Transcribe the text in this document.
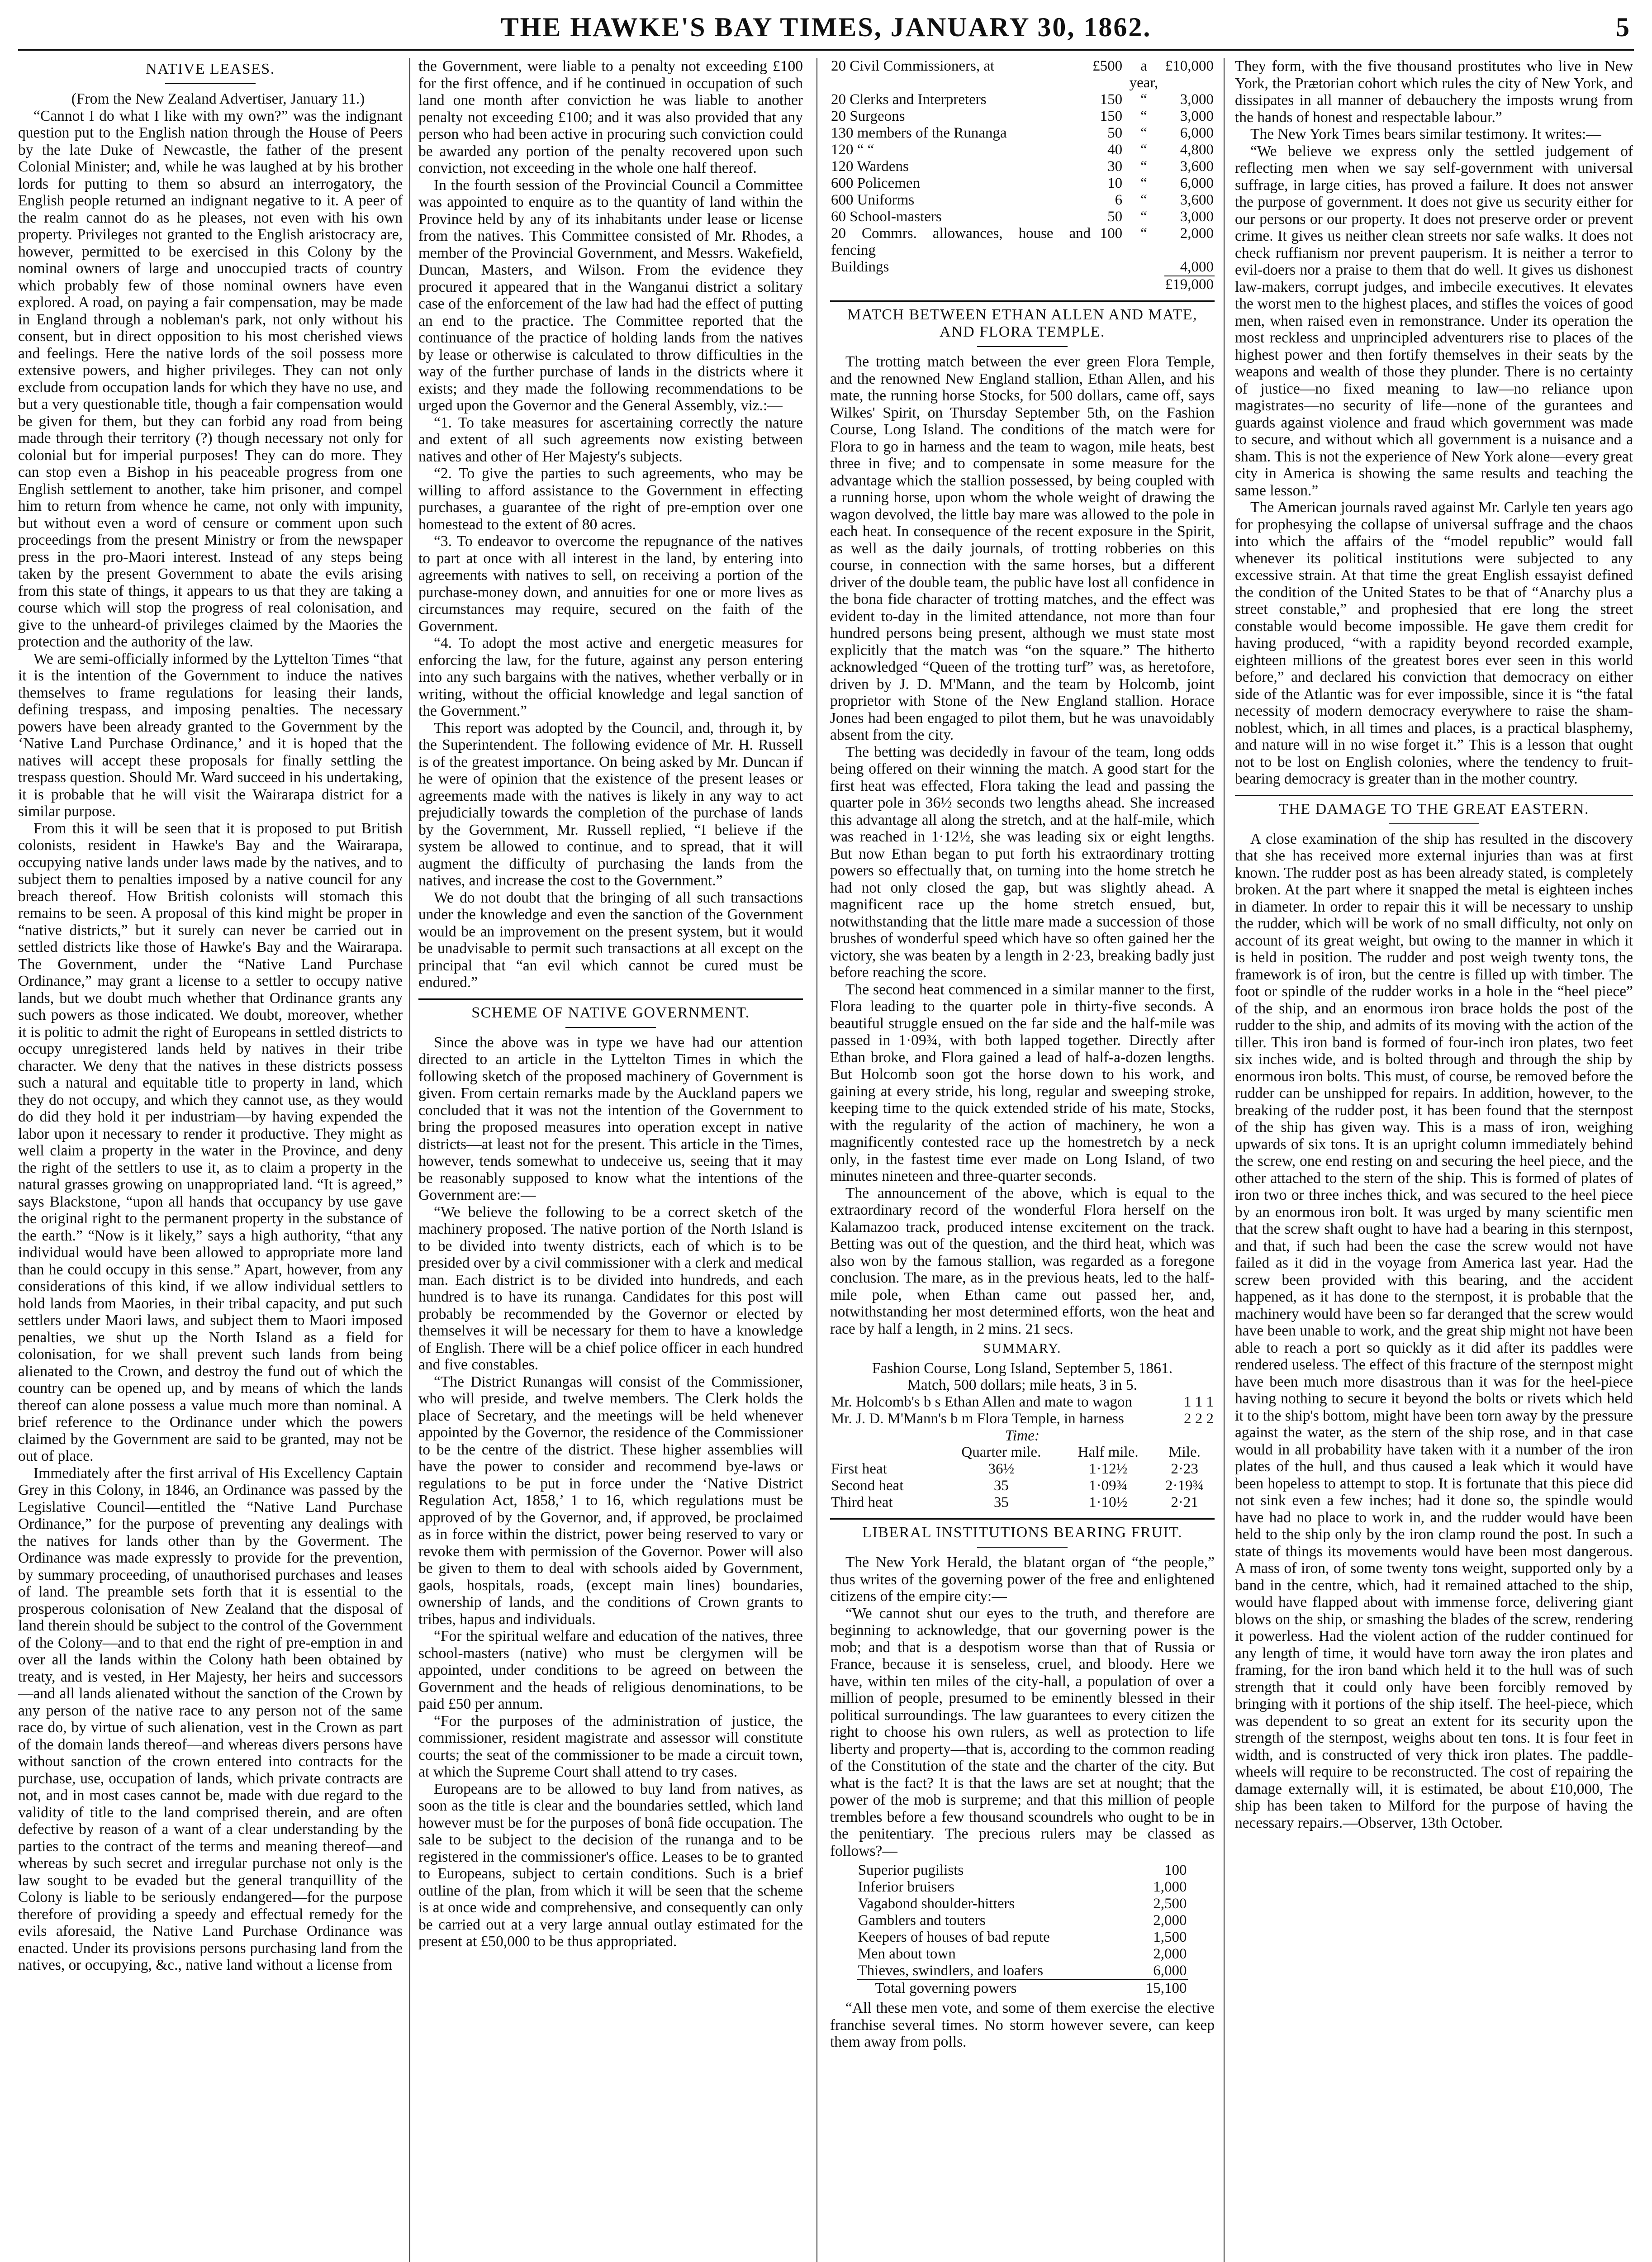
THE HAWKE'S BAY TIMES, JANUARY 30, 1862.	5
NATIVE LEASES.

(From the New Zealand Advertiser, January 11.)

“Cannot I do what I like with my own?” was the indignant question put to the English nation through the House of Peers by the late Duke of Newcastle, the father of the present Colonial Minister; and, while he was laughed at by his brother lords for putting to them so absurd an interrogatory, the English people returned an indignant negative to it. A peer of the realm cannot do as he pleases, not even with his own property. Privileges not granted to the English aristocracy are, however, permitted to be exercised in this Colony by the nominal owners of large and unoccupied tracts of country which probably few of those nominal owners have even explored. A road, on paying a fair compensation, may be made in England through a nobleman's park, not only without his consent, but in direct opposition to his most cherished views and feelings. Here the native lords of the soil possess more extensive powers, and higher privileges. They can not only exclude from occupation lands for which they have no use, and but a very questionable title, though a fair compensation would be given for them, but they can forbid any road from being made through their territory (?) though necessary not only for colonial but for imperial purposes! They can do more. They can stop even a Bishop in his peaceable progress from one English settlement to another, take him prisoner, and compel him to return from whence he came, not only with impunity, but without even a word of censure or comment upon such proceedings from the present Ministry or from the newspaper press in the pro-Maori interest. Instead of any steps being taken by the present Government to abate the evils arising from this state of things, it appears to us that they are taking a course which will stop the progress of real colonisation, and give to the unheard-of privileges claimed by the Maories the protection and the authority of the law.

We are semi-officially informed by the Lyttelton Times “that it is the intention of the Government to induce the natives themselves to frame regulations for leasing their lands, defining trespass, and imposing penalties. The necessary powers have been already granted to the Government by the ‘Native Land Purchase Ordinance,’ and it is hoped that the natives will accept these proposals for finally settling the trespass question. Should Mr. Ward succeed in his undertaking, it is probable that he will visit the Wairarapa district for a similar purpose.

From this it will be seen that it is proposed to put British colonists, resident in Hawke's Bay and the Wairarapa, occupying native lands under laws made by the natives, and to subject them to penalties imposed by a native council for any breach thereof. How British colonists will stomach this remains to be seen. A proposal of this kind might be proper in “native districts,” but it surely can never be carried out in settled districts like those of Hawke's Bay and the Wairarapa. The Government, under the “Native Land Purchase Ordinance,” may grant a license to a settler to occupy native lands, but we doubt much whether that Ordinance grants any such powers as those indicated. We doubt, moreover, whether it is politic to admit the right of Europeans in settled districts to occupy unregistered lands held by natives in their tribe character. We deny that the natives in these districts possess such a natural and equitable title to property in land, which they do not occupy, and which they cannot use, as they would do did they hold it per industriam—by having expended the labor upon it necessary to render it productive. They might as well claim a property in the water in the Province, and deny the right of the settlers to use it, as to claim a property in the natural grasses growing on unappropriated land. “It is agreed,” says Blackstone, “upon all hands that occupancy by use gave the original right to the permanent property in the substance of the earth.” “Now is it likely,” says a high authority, “that any individual would have been allowed to appropriate more land than he could occupy in this sense.” Apart, however, from any considerations of this kind, if we allow individual settlers to hold lands from Maories, in their tribal capacity, and put such settlers under Maori laws, and subject them to Maori imposed penalties, we shut up the North Island as a field for colonisation, for we shall prevent such lands from being alienated to the Crown, and destroy the fund out of which the country can be opened up, and by means of which the lands thereof can alone possess a value much more than nominal. A brief reference to the Ordinance under which the powers claimed by the Government are said to be granted, may not be out of place.

Immediately after the first arrival of His Excellency Captain Grey in this Colony, in 1846, an Ordinance was passed by the Legislative Council—entitled the “Native Land Purchase Ordinance,” for the purpose of preventing any dealings with the natives for lands other than by the Goverment. The Ordinance was made expressly to provide for the prevention, by summary proceeding, of unauthorised purchases and leases of land. The preamble sets forth that it is essential to the prosperous colonisation of New Zealand that the disposal of land therein should be subject to the control of the Government of the Colony—and to that end the right of pre-emption in and over all the lands within the Colony hath been obtained by treaty, and is vested, in Her Majesty, her heirs and successors—and all lands alienated without the sanction of the Crown by any person of the native race to any person not of the same race do, by virtue of such alienation, vest in the Crown as part of the domain lands thereof—and whereas divers persons have without sanction of the crown entered into contracts for the purchase, use, occupation of lands, which private contracts are not, and in most cases cannot be, made with due regard to the validity of title to the land comprised therein, and are often defective by reason of a want of a clear understanding by the parties to the contract of the terms and meaning thereof—and whereas by such secret and irregular purchase not only is the law sought to be evaded but the general tranquillity of the Colony is liable to be seriously endangered—for the purpose therefore of providing a speedy and effectual remedy for the evils aforesaid, the Native Land Purchase Ordinance was enacted. Under its provisions persons purchasing land from the natives, or occupying, &c., native land without a license from

the Government, were liable to a penalty not exceeding £100 for the first offence, and if he continued in occupation of such land one month after conviction he was liable to another penalty not exceeding £100; and it was also provided that any person who had been active in procuring such conviction could be awarded any portion of the penalty recovered upon such conviction, not exceeding in the whole one half thereof.

In the fourth session of the Provincial Council a Committee was appointed to enquire as to the quantity of land within the Province held by any of its inhabitants under lease or license from the natives. This Committee consisted of Mr. Rhodes, a member of the Provincial Government, and Messrs. Wakefield, Duncan, Masters, and Wilson. From the evidence they procured it appeared that in the Wanganui district a solitary case of the enforcement of the law had had the effect of putting an end to the practice. The Committee reported that the continuance of the practice of holding lands from the natives by lease or otherwise is calculated to throw difficulties in the way of the further purchase of lands in the districts where it exists; and they made the following recommendations to be urged upon the Governor and the General Assembly, viz.:—

“1. To take measures for ascertaining correctly the nature and extent of all such agreements now existing between natives and other of Her Majesty's subjects.

“2. To give the parties to such agreements, who may be willing to afford assistance to the Government in effecting purchases, a guarantee of the right of pre-emption over one homestead to the extent of 80 acres.

“3. To endeavor to overcome the repugnance of the natives to part at once with all interest in the land, by entering into agreements with natives to sell, on receiving a portion of the purchase-money down, and annuities for one or more lives as circumstances may require, secured on the faith of the Government.

“4. To adopt the most active and energetic measures for enforcing the law, for the future, against any person entering into any such bargains with the natives, whether verbally or in writing, without the official knowledge and legal sanction of the Government.”

This report was adopted by the Council, and, through it, by the Superintendent. The following evidence of Mr. H. Russell is of the greatest importance. On being asked by Mr. Duncan if he were of opinion that the existence of the present leases or agreements made with the natives is likely in any way to act prejudicially towards the completion of the purchase of lands by the Government, Mr. Russell replied, “I believe if the system be allowed to continue, and to spread, that it will augment the difficulty of purchasing the lands from the natives, and increase the cost to the Government.”

We do not doubt that the bringing of all such transactions under the knowledge and even the sanction of the Government would be an improvement on the present system, but it would be unadvisable to permit such transactions at all except on the principal that “an evil which cannot be cured must be endured.”

SCHEME OF NATIVE GOVERNMENT.

Since the above was in type we have had our attention directed to an article in the Lyttelton Times in which the following sketch of the proposed machinery of Government is given. From certain remarks made by the Auckland papers we concluded that it was not the intention of the Government to bring the proposed measures into operation except in native districts—at least not for the present. This article in the Times, however, tends somewhat to undeceive us, seeing that it may be reasonably supposed to know what the intentions of the Government are:—

“We believe the following to be a correct sketch of the machinery proposed. The native portion of the North Island is to be divided into twenty districts, each of which is to be presided over by a civil commissioner with a clerk and medical man. Each district is to be divided into hundreds, and each hundred is to have its runanga. Candidates for this post will probably be recommended by the Governor or elected by themselves it will be necessary for them to have a knowledge of English. There will be a chief police officer in each hundred and five constables.

“The District Runangas will consist of the Commissioner, who will preside, and twelve members. The Clerk holds the place of Secretary, and the meetings will be held whenever appointed by the Governor, the residence of the Commissioner to be the centre of the district. These higher assemblies will have the power to consider and recommend bye-laws or regulations to be put in force under the ‘Native District Regulation Act, 1858,’ 1 to 16, which regulations must be approved of by the Governor, and, if approved, be proclaimed as in force within the district, power being reserved to vary or revoke them with permission of the Governor. Power will also be given to them to deal with schools aided by Government, gaols, hospitals, roads, (except main lines) boundaries, ownership of lands, and the conditions of Crown grants to tribes, hapus and individuals.

“For the spiritual welfare and education of the natives, three school-masters (native) who must be clergymen will be appointed, under conditions to be agreed on between the Government and the heads of religious denominations, to be paid £50 per annum.

“For the purposes of the administration of justice, the commissioner, resident magistrate and assessor will constitute courts; the seat of the commissioner to be made a circuit town, at which the Supreme Court shall attend to try cases.

Europeans are to be allowed to buy land from natives, as soon as the title is clear and the boundaries settled, which land however must be for the purposes of bonâ fide occupation. The sale to be subject to the decision of the runanga and to be registered in the commissioner's office. Leases to be to granted to Europeans, subject to certain conditions. Such is a brief outline of the plan, from which it will be seen that the scheme is at once wide and comprehensive, and consequently can only be carried out at a very large annual outlay estimated for the present at £50,000 to be thus appropriated.

20 Civil Commissioners, at	£500	a year,	£10,000
20 Clerks and Interpreters	150	“	3,000
20 Surgeons	150	“	3,000
130 members of the Runanga	50	“	6,000
120 “ “	40	“	4,800
120 Wardens	30	“	3,600
600 Policemen	10	“	6,000
600 Uniforms	6	“	3,600
60 School-masters	50	“	3,000
20 Commrs. allowances, house and fencing	100	“	2,000
Buildings			4,000
			£19,000
MATCH BETWEEN ETHAN ALLEN AND MATE, AND FLORA TEMPLE.

The trotting match between the ever green Flora Temple, and the renowned New England stallion, Ethan Allen, and his mate, the running horse Stocks, for 500 dollars, came off, says Wilkes' Spirit, on Thursday September 5th, on the Fashion Course, Long Island. The conditions of the match were for Flora to go in harness and the team to wagon, mile heats, best three in five; and to compensate in some measure for the advantage which the stallion possessed, by being coupled with a running horse, upon whom the whole weight of drawing the wagon devolved, the little bay mare was allowed to the pole in each heat. In consequence of the recent exposure in the Spirit, as well as the daily journals, of trotting robberies on this course, in connection with the same horses, but a different driver of the double team, the public have lost all confidence in the bona fide character of trotting matches, and the effect was evident to-day in the limited attendance, not more than four hundred persons being present, although we must state most explicitly that the match was “on the square.” The hitherto acknowledged “Queen of the trotting turf” was, as heretofore, driven by J. D. M'Mann, and the team by Holcomb, joint proprietor with Stone of the New England stallion. Horace Jones had been engaged to pilot them, but he was unavoidably absent from the city.

The betting was decidedly in favour of the team, long odds being offered on their winning the match. A good start for the first heat was effected, Flora taking the lead and passing the quarter pole in 36½ seconds two lengths ahead. She increased this advantage all along the stretch, and at the half-mile, which was reached in 1·12½, she was leading six or eight lengths. But now Ethan began to put forth his extraordinary trotting powers so effectually that, on turning into the home stretch he had not only closed the gap, but was slightly ahead. A magnificent race up the home stretch ensued, but, notwithstanding that the little mare made a succession of those brushes of wonderful speed which have so often gained her the victory, she was beaten by a length in 2·23, breaking badly just before reaching the score.

The second heat commenced in a similar manner to the first, Flora leading to the quarter pole in thirty-five seconds. A beautiful struggle ensued on the far side and the half-mile was passed in 1·09¾, with both lapped together. Directly after Ethan broke, and Flora gained a lead of half-a-dozen lengths. But Holcomb soon got the horse down to his work, and gaining at every stride, his long, regular and sweeping stroke, keeping time to the quick extended stride of his mate, Stocks, with the regularity of the action of machinery, he won a magnificently contested race up the homestretch by a neck only, in the fastest time ever made on Long Island, of two minutes nineteen and three-quarter seconds.

The announcement of the above, which is equal to the extraordinary record of the wonderful Flora herself on the Kalamazoo track, produced intense excitement on the track. Betting was out of the question, and the third heat, which was also won by the famous stallion, was regarded as a foregone conclusion. The mare, as in the previous heats, led to the half-mile pole, when Ethan came out passed her, and, notwithstanding her most determined efforts, won the heat and race by half a length, in 2 mins. 21 secs.

SUMMARY.

Fashion Course, Long Island, September 5, 1861.

Match, 500 dollars; mile heats, 3 in 5.

Mr. Holcomb's b s Ethan Allen and mate to wagon	1 1 1
Mr. J. D. M'Mann's b m Flora Temple, in harness	2 2 2
Time:
	Quarter mile.	Half mile.	Mile.
First heat	36½	1·12½	2·23
Second heat	35	1·09¾	2·19¾
Third heat	35	1·10½	2·21
LIBERAL INSTITUTIONS BEARING FRUIT.

The New York Herald, the blatant organ of “the people,” thus writes of the governing power of the free and enlightened citizens of the empire city:—

“We cannot shut our eyes to the truth, and therefore are beginning to acknowledge, that our governing power is the mob; and that is a despotism worse than that of Russia or France, because it is senseless, cruel, and bloody. Here we have, within ten miles of the city-hall, a population of over a million of people, presumed to be eminently blessed in their political surroundings. The law guarantees to every citizen the right to choose his own rulers, as well as protection to life liberty and property—that is, according to the common reading of the Constitution of the state and the charter of the city. But what is the fact? It is that the laws are set at nought; that the power of the mob is surpreme; and that this million of people trembles before a few thousand scoundrels who ought to be in the penitentiary. The precious rulers may be classed as follows?—

Superior pugilists	100
Inferior bruisers	1,000
Vagabond shoulder-hitters	2,500
Gamblers and touters	2,000
Keepers of houses of bad repute	1,500
Men about town	2,000
Thieves, swindlers, and loafers	6,000
Total governing powers	15,100

“All these men vote, and some of them exercise the elective franchise several times. No storm however severe, can keep them away from polls.

They form, with the five thousand prostitutes who live in New York, the Prætorian cohort which rules the city of New York, and dissipates in all manner of debauchery the imposts wrung from the hands of honest and respectable labour.”

The New York Times bears similar testimony. It writes:—

“We believe we express only the settled judgement of reflecting men when we say self-government with universal suffrage, in large cities, has proved a failure. It does not answer the purpose of government. It does not give us security either for our persons or our property. It does not preserve order or prevent crime. It gives us neither clean streets nor safe walks. It does not check ruffianism nor prevent pauperism. It is neither a terror to evil-doers nor a praise to them that do well. It gives us dishonest law-makers, corrupt judges, and imbecile executives. It elevates the worst men to the highest places, and stifles the voices of good men, when raised even in remonstrance. Under its operation the most reckless and unprincipled adventurers rise to places of the highest power and then fortify themselves in their seats by the weapons and wealth of those they plunder. There is no certainty of justice—no fixed meaning to law—no reliance upon magistrates—no security of life—none of the gurantees and guards against violence and fraud which government was made to secure, and without which all government is a nuisance and a sham. This is not the experience of New York alone—every great city in America is showing the same results and teaching the same lesson.”

The American journals raved against Mr. Carlyle ten years ago for prophesying the collapse of universal suffrage and the chaos into which the affairs of the “model republic” would fall whenever its political institutions were subjected to any excessive strain. At that time the great English essayist defined the condition of the United States to be that of “Anarchy plus a street constable,” and prophesied that ere long the street constable would become impossible. He gave them credit for having produced, “with a rapidity beyond recorded example, eighteen millions of the greatest bores ever seen in this world before,” and declared his conviction that democracy on either side of the Atlantic was for ever impossible, since it is “the fatal necessity of modern democracy everywhere to raise the sham-noblest, which, in all times and places, is a practical blasphemy, and nature will in no wise forget it.” This is a lesson that ought not to be lost on English colonies, where the tendency to fruit-bearing democracy is greater than in the mother country.

THE DAMAGE TO THE GREAT EASTERN.

A close examination of the ship has resulted in the discovery that she has received more external injuries than was at first known. The rudder post as has been already stated, is completely broken. At the part where it snapped the metal is eighteen inches in diameter. In order to repair this it will be necessary to unship the rudder, which will be work of no small difficulty, not only on account of its great weight, but owing to the manner in which it is held in position. The rudder and post weigh twenty tons, the framework is of iron, but the centre is filled up with timber. The foot or spindle of the rudder works in a hole in the “heel piece” of the ship, and an enormous iron brace holds the post of the rudder to the ship, and admits of its moving with the action of the tiller. This iron band is formed of four-inch iron plates, two feet six inches wide, and is bolted through and through the ship by enormous iron bolts. This must, of course, be removed before the rudder can be unshipped for repairs. In addition, however, to the breaking of the rudder post, it has been found that the sternpost of the ship has given way. This is a mass of iron, weighing upwards of six tons. It is an upright column immediately behind the screw, one end resting on and securing the heel piece, and the other attached to the stern of the ship. This is formed of plates of iron two or three inches thick, and was secured to the heel piece by an enormous iron bolt. It was urged by many scientific men that the screw shaft ought to have had a bearing in this sternpost, and that, if such had been the case the screw would not have failed as it did in the voyage from America last year. Had the screw been provided with this bearing, and the accident happened, as it has done to the sternpost, it is probable that the machinery would have been so far deranged that the screw would have been unable to work, and the great ship might not have been able to reach a port so quickly as it did after its paddles were rendered useless. The effect of this fracture of the sternpost might have been much more disastrous than it was for the heel-piece having nothing to secure it beyond the bolts or rivets which held it to the ship's bottom, might have been torn away by the pressure against the water, as the stern of the ship rose, and in that case would in all probability have taken with it a number of the iron plates of the hull, and thus caused a leak which it would have been hopeless to attempt to stop. It is fortunate that this piece did not sink even a few inches; had it done so, the spindle would have had no place to work in, and the rudder would have been held to the ship only by the iron clamp round the post. In such a state of things its movements would have been most dangerous. A mass of iron, of some twenty tons weight, supported only by a band in the centre, which, had it remained attached to the ship, would have flapped about with immense force, delivering giant blows on the ship, or smashing the blades of the screw, rendering it powerless. Had the violent action of the rudder continued for any length of time, it would have torn away the iron plates and framing, for the iron band which held it to the hull was of such strength that it could only have been forcibly removed by bringing with it portions of the ship itself. The heel-piece, which was dependent to so great an extent for its security upon the strength of the sternpost, weighs about ten tons. It is four feet in width, and is constructed of very thick iron plates. The paddle-wheels will require to be reconstructed. The cost of repairing the damage externally will, it is estimated, be about £10,000, The ship has been taken to Milford for the purpose of having the necessary repairs.—Observer, 13th October.
